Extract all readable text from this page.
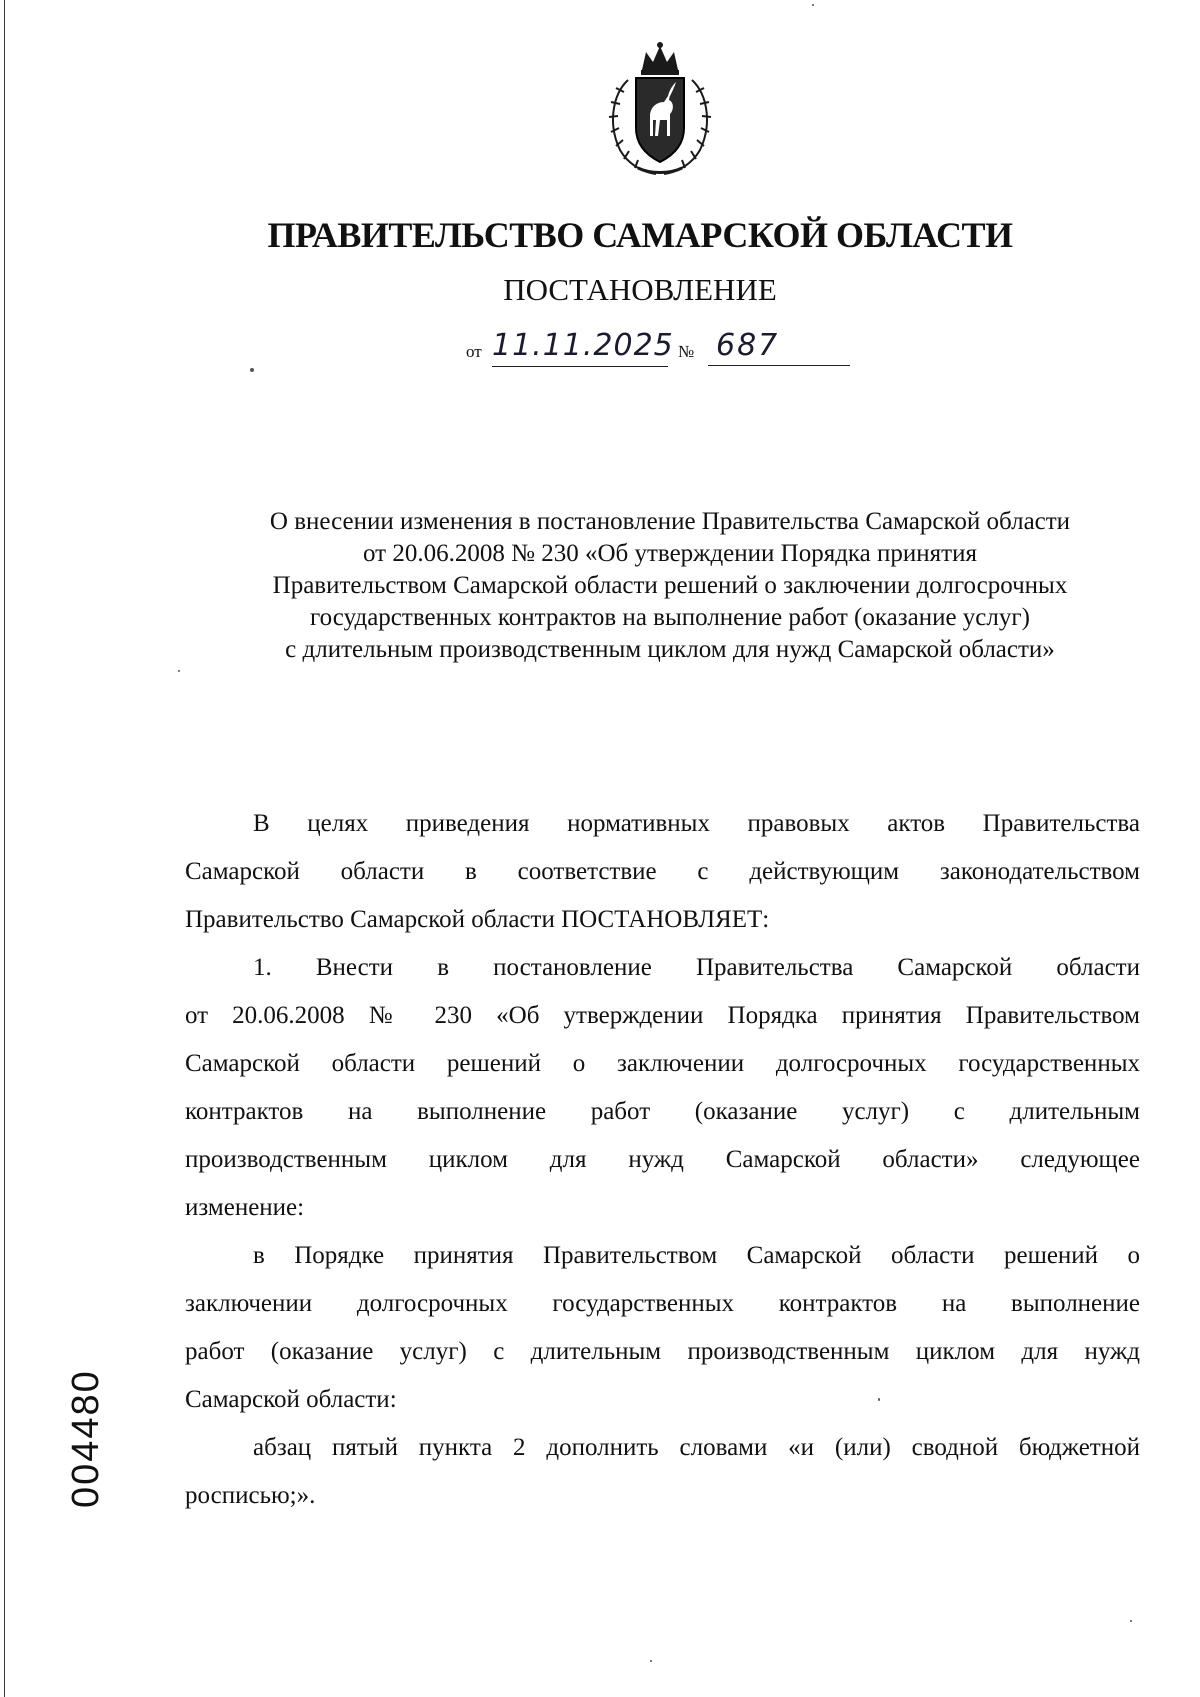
ПРАВИТЕЛЬСТВО САМАРСКОЙ ОБЛАСТИ
ПОСТАНОВЛЕНИЕ
от 11.11.2025 № 687
О внесении изменения в постановление Правительства Самарской области
от 20.06.2008 № 230 «Об утверждении Порядка принятия
Правительством Самарской области решений о заключении долгосрочных
государственных контрактов на выполнение работ (оказание услуг)
с длительным производственным циклом для нужд Самарской области»
В целях приведения нормативных правовых актов Правительства
Самарской области в соответствие с действующим законодательством
Правительство Самарской области ПОСТАНОВЛЯЕТ:
1. Внести в постановление Правительства Самарской области
от 20.06.2008 № 230 «Об утверждении Порядка принятия Правительством
Самарской области решений о заключении долгосрочных государственных
контрактов на выполнение работ (оказание услуг) с длительным
производственным циклом для нужд Самарской области» следующее
изменение:
в Порядке принятия Правительством Самарской области решений о
заключении долгосрочных государственных контрактов на выполнение
работ (оказание услуг) с длительным производственным циклом для нужд
Самарской области:
абзац пятый пункта 2 дополнить словами «и (или) сводной бюджетной
росписью;».
004480
